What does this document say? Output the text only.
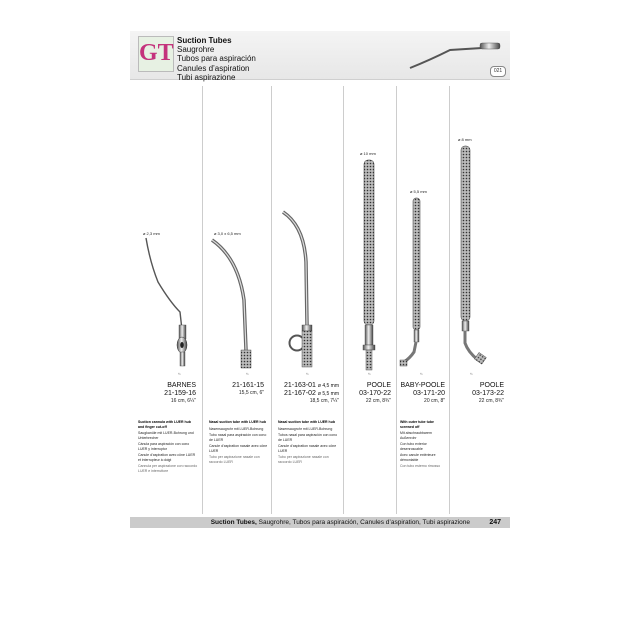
GT Suction Tubes
Saugrohre
Tubos para aspiración
Canules d’aspiration
Tubi aspirazione
021
ø 2,3 mm	ø 3,0 x 6,5 mm
ø 10 mm
ø 5,5 mm
ø 8 mm
½	½	½	½	½	½
BARNES
21-159-16
16 cm, 6¼"
21-161-15
15,5 cm, 6"
21-163-01 ø 4,5 mm
21-167-02 ø 5,5 mm
18,5 cm, 7¼"
POOLE
03-170-22
22 cm, 8¾"
BABY-POOLE
03-171-20
20 cm, 8"
POOLE
03-173-22
22 cm, 8¾"

Suction cannula with LUER hub and finger cut-off

Saugkanüle mit LUER-Bohrung und Unterbrecher

Cánula para aspiración con cono LUER y interruptor

Canule d’aspiration avec cône LUER et interrupteur à doigt

Cannula per aspirazione con raccordo LUER e interruttore

Nasal suction tube with LUER hub

Nasensaugrohr mit LUER-Bohrung

Tubo nasal para aspiración con cono de LUER

Canule d’aspiration nasale avec cône LUER

Tubo per aspirazione nasale con raccordo LUER

Nasal suction tube with LUER hub

Nasensaugrohr mit LUER-Bohrung

Tubos nasal para aspiración con cono de LUER

Canule d’aspiration nasale avec cône LUER

Tubo per aspirazione nasale con raccordo LUER

With outer tube tube screwed off

Mit abschraubbarem Außenrohr

Con tubo exterior desenroscable

Avec canule extérieure démontable

Con tubo esterno rimosso

Suction Tubes, Saugrohre, Tubos para aspiración, Canules d’aspiration, Tubi aspirazione	247
